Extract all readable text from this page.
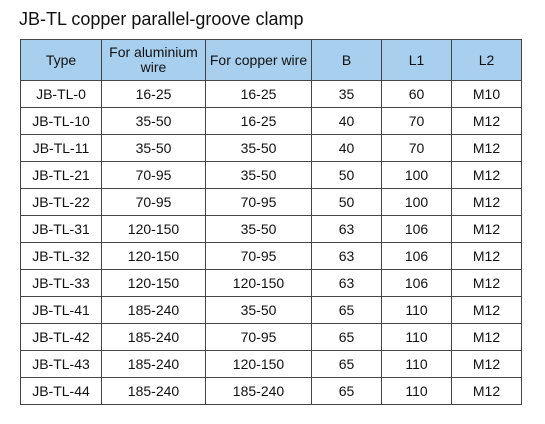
JB-TL copper parallel-groove clamp
Type	For aluminium wire	For copper wire	B	L1	L2
JB-TL-0	16-25	16-25	35	60	M10
JB-TL-10	35-50	16-25	40	70	M12
JB-TL-11	35-50	35-50	40	70	M12
JB-TL-21	70-95	35-50	50	100	M12
JB-TL-22	70-95	70-95	50	100	M12
JB-TL-31	120-150	35-50	63	106	M12
JB-TL-32	120-150	70-95	63	106	M12
JB-TL-33	120-150	120-150	63	106	M12
JB-TL-41	185-240	35-50	65	110	M12
JB-TL-42	185-240	70-95	65	110	M12
JB-TL-43	185-240	120-150	65	110	M12
JB-TL-44	185-240	185-240	65	110	M12
